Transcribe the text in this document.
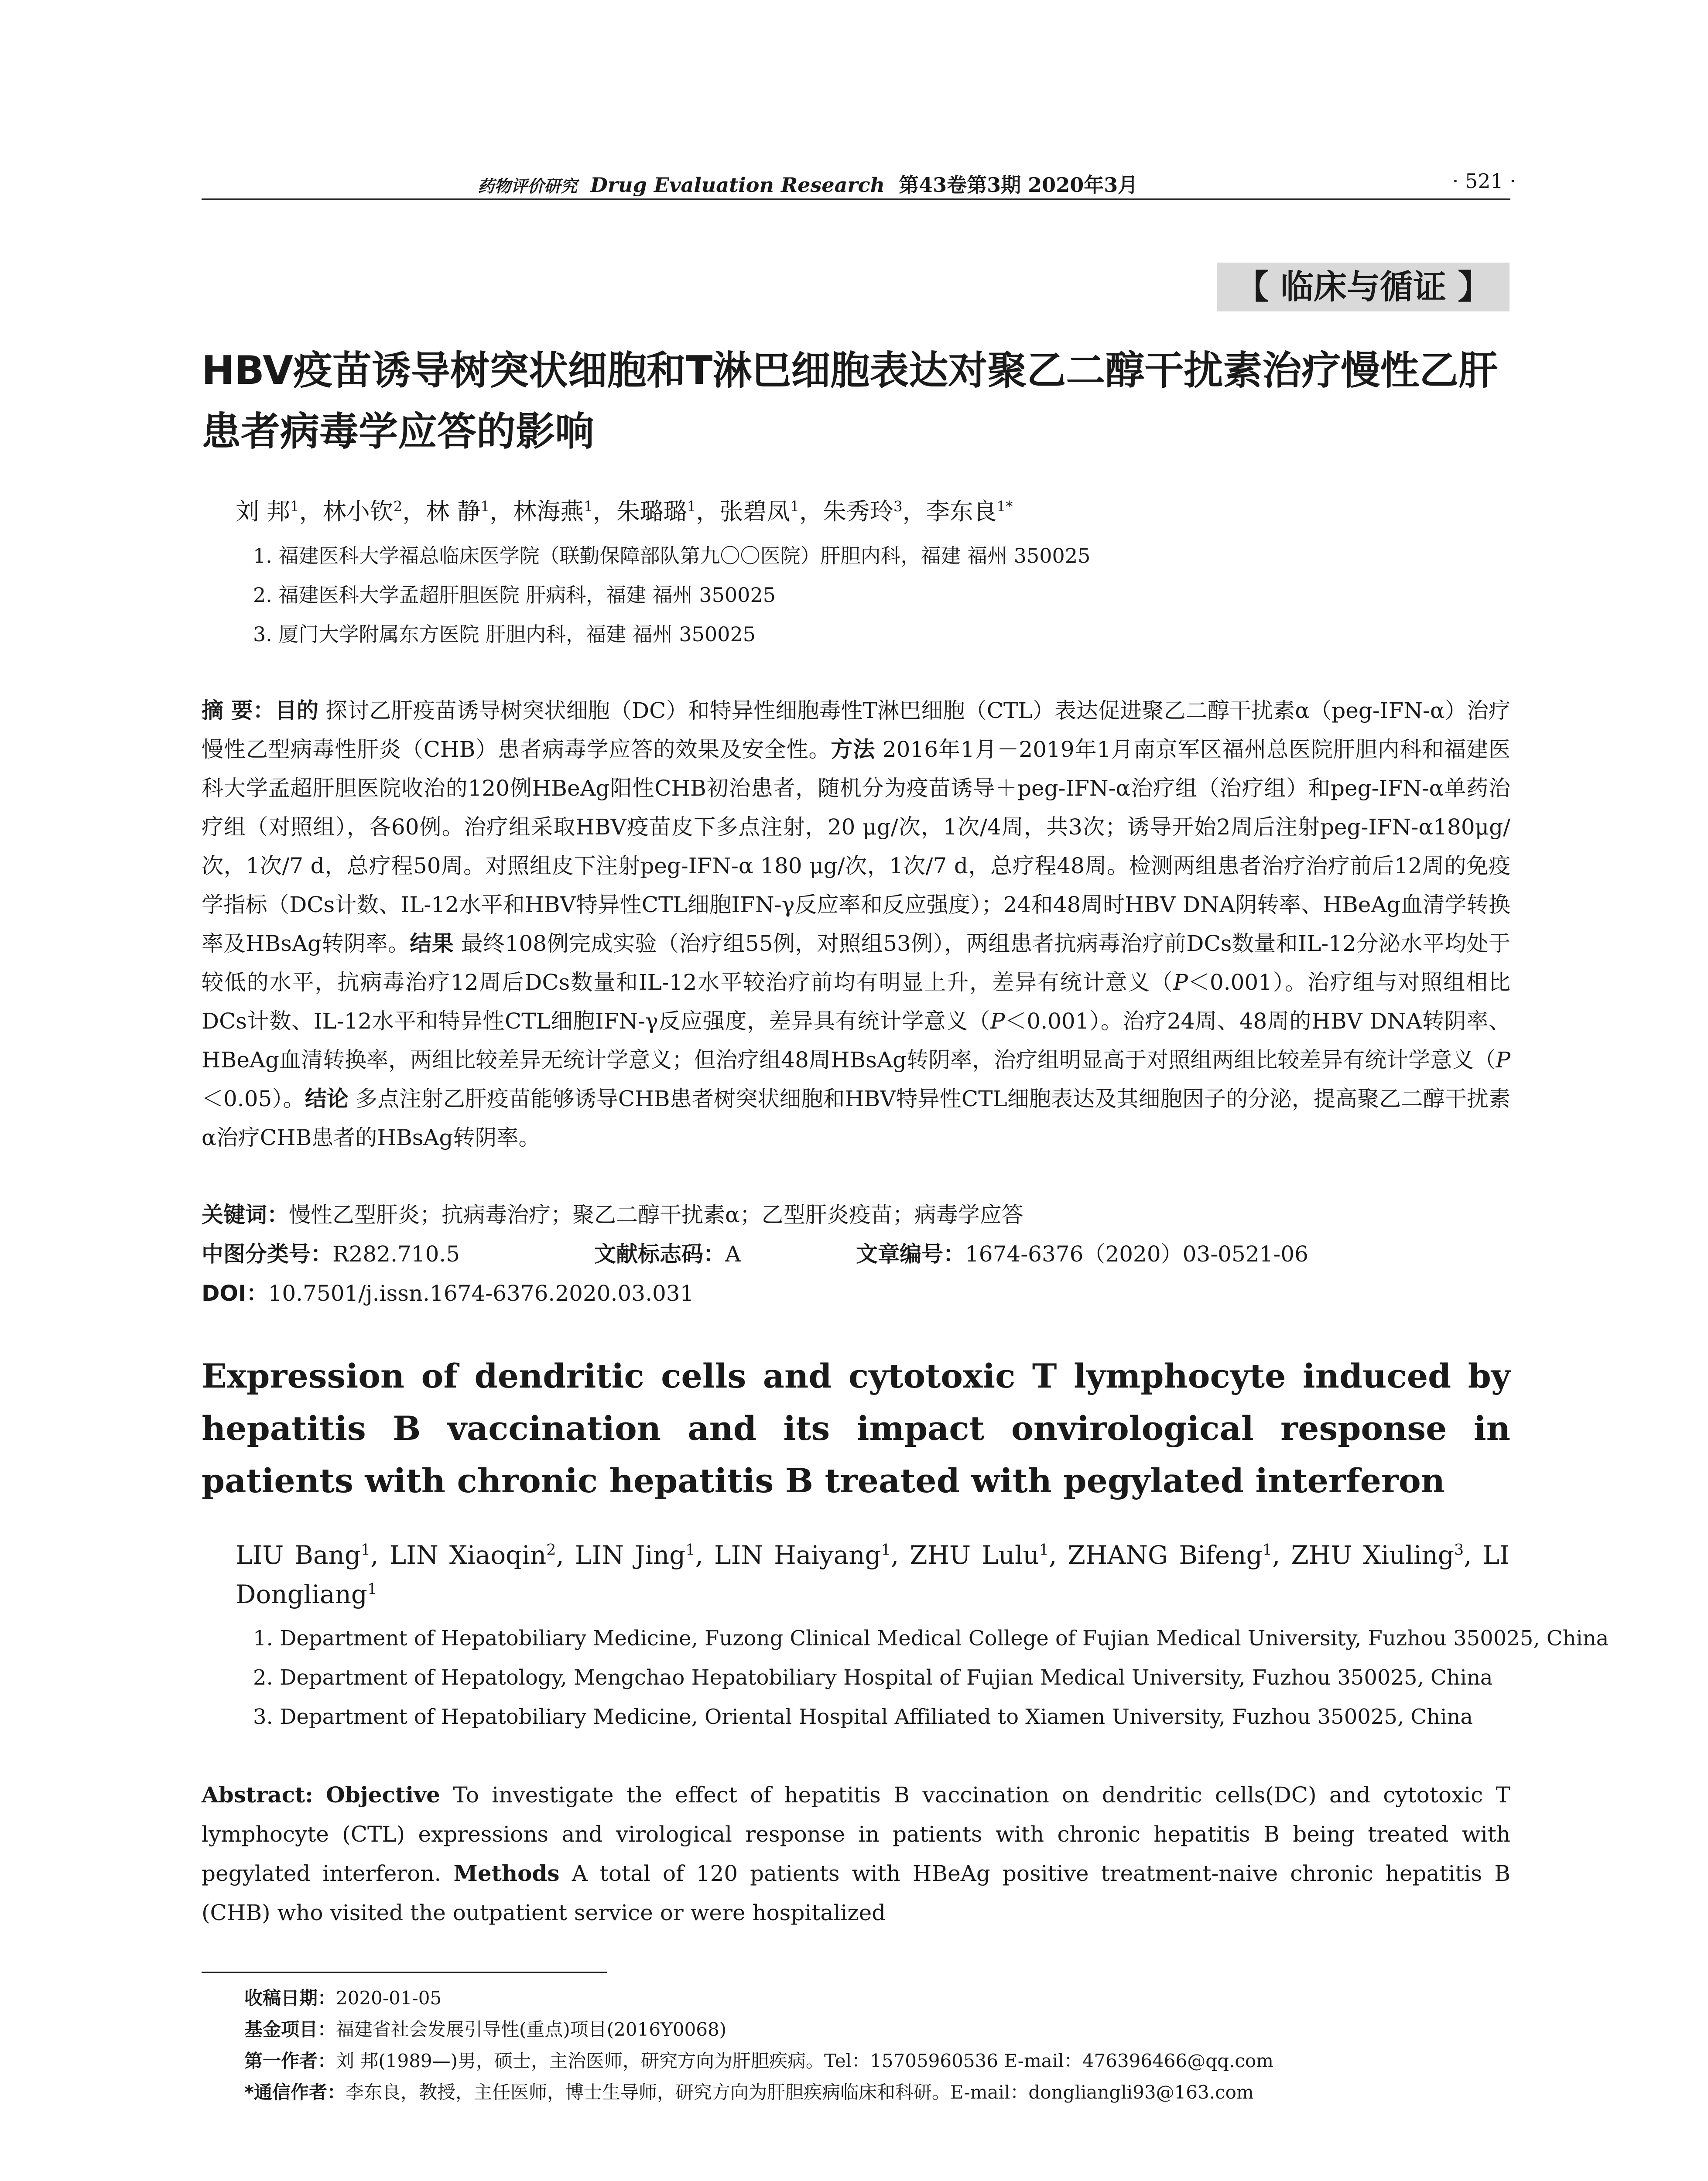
药物评价研究 Drug Evaluation Research 第43卷第3期 2020年3月	· 521 ·
【 临床与循证 】
HBV疫苗诱导树突状细胞和T淋巴细胞表达对聚乙二醇干扰素治疗慢性乙肝患者病毒学应答的影响
刘 邦$^1$，林小钦$^2$，林 静$^1$，林海燕$^1$，朱璐璐$^1$，张碧凤$^1$，朱秀玲$^3$，李东良$^{1*}$
1. 福建医科大学福总临床医学院（联勤保障部队第九〇〇医院）肝胆内科，福建 福州 350025
2. 福建医科大学孟超肝胆医院 肝病科，福建 福州 350025
3. 厦门大学附属东方医院 肝胆内科，福建 福州 350025
摘 要：目的 探讨乙肝疫苗诱导树突状细胞（DC）和特异性细胞毒性T淋巴细胞（CTL）表达促进聚乙二醇干扰素α（peg-IFN-α）治疗慢性乙型病毒性肝炎（CHB）患者病毒学应答的效果及安全性。方法 2016年1月－2019年1月南京军区福州总医院肝胆内科和福建医科大学孟超肝胆医院收治的120例HBeAg阳性CHB初治患者，随机分为疫苗诱导＋peg-IFN-α治疗组（治疗组）和peg-IFN-α单药治疗组（对照组），各60例。治疗组采取HBV疫苗皮下多点注射，20 μg/次，1次/4周，共3次；诱导开始2周后注射peg-IFN-α180μg/次，1次/7 d，总疗程50周。对照组皮下注射peg-IFN-α 180 μg/次，1次/7 d，总疗程48周。检测两组患者治疗治疗前后12周的免疫学指标（DCs计数、IL-12水平和HBV特异性CTL细胞IFN-γ反应率和反应强度）；24和48周时HBV DNA阴转率、HBeAg血清学转换率及HBsAg转阴率。结果 最终108例完成实验（治疗组55例，对照组53例），两组患者抗病毒治疗前DCs数量和IL-12分泌水平均处于较低的水平，抗病毒治疗12周后DCs数量和IL-12水平较治疗前均有明显上升，差异有统计意义（P＜0.001）。治疗组与对照组相比DCs计数、IL-12水平和特异性CTL细胞IFN-γ反应强度，差异具有统计学意义（P＜0.001）。治疗24周、48周的HBV DNA转阴率、HBeAg血清转换率，两组比较差异无统计学意义；但治疗组48周HBsAg转阴率，治疗组明显高于对照组两组比较差异有统计学意义（P＜0.05）。结论 多点注射乙肝疫苗能够诱导CHB患者树突状细胞和HBV特异性CTL细胞表达及其细胞因子的分泌，提高聚乙二醇干扰素α治疗CHB患者的HBsAg转阴率。
关键词：慢性乙型肝炎；抗病毒治疗；聚乙二醇干扰素α；乙型肝炎疫苗；病毒学应答
中图分类号：R282.710.5	文献标志码：A	文章编号：1674-6376（2020）03-0521-06
DOI：10.7501/j.issn.1674-6376.2020.03.031
Expression of dendritic cells and cytotoxic T lymphocyte induced by hepatitis B vaccination and its impact onvirological response in patients with chronic hepatitis B treated with pegylated interferon
LIU Bang$^1$, LIN Xiaoqin$^2$, LIN Jing$^1$, LIN Haiyang$^1$, ZHU Lulu$^1$, ZHANG Bifeng$^1$, ZHU Xiuling$^3$, LI Dongliang$^1$
1. Department of Hepatobiliary Medicine, Fuzong Clinical Medical College of Fujian Medical University, Fuzhou 350025, China
2. Department of Hepatology, Mengchao Hepatobiliary Hospital of Fujian Medical University, Fuzhou 350025, China
3. Department of Hepatobiliary Medicine, Oriental Hospital Affiliated to Xiamen University, Fuzhou 350025, China
Abstract: Objective To investigate the effect of hepatitis B vaccination on dendritic cells(DC) and cytotoxic T lymphocyte (CTL) expressions and virological response in patients with chronic hepatitis B being treated with pegylated interferon. Methods A total of 120 patients with HBeAg positive treatment-naive chronic hepatitis B (CHB) who visited the outpatient service or were hospitalized
收稿日期：2020-01-05
基金项目：福建省社会发展引导性(重点)项目(2016Y0068)
第一作者：刘 邦(1989—)男，硕士，主治医师，研究方向为肝胆疾病。Tel：15705960536 E-mail：476396466@qq.com
*通信作者：李东良，教授，主任医师，博士生导师，研究方向为肝胆疾病临床和科研。E-mail：dongliangli93@163.com
